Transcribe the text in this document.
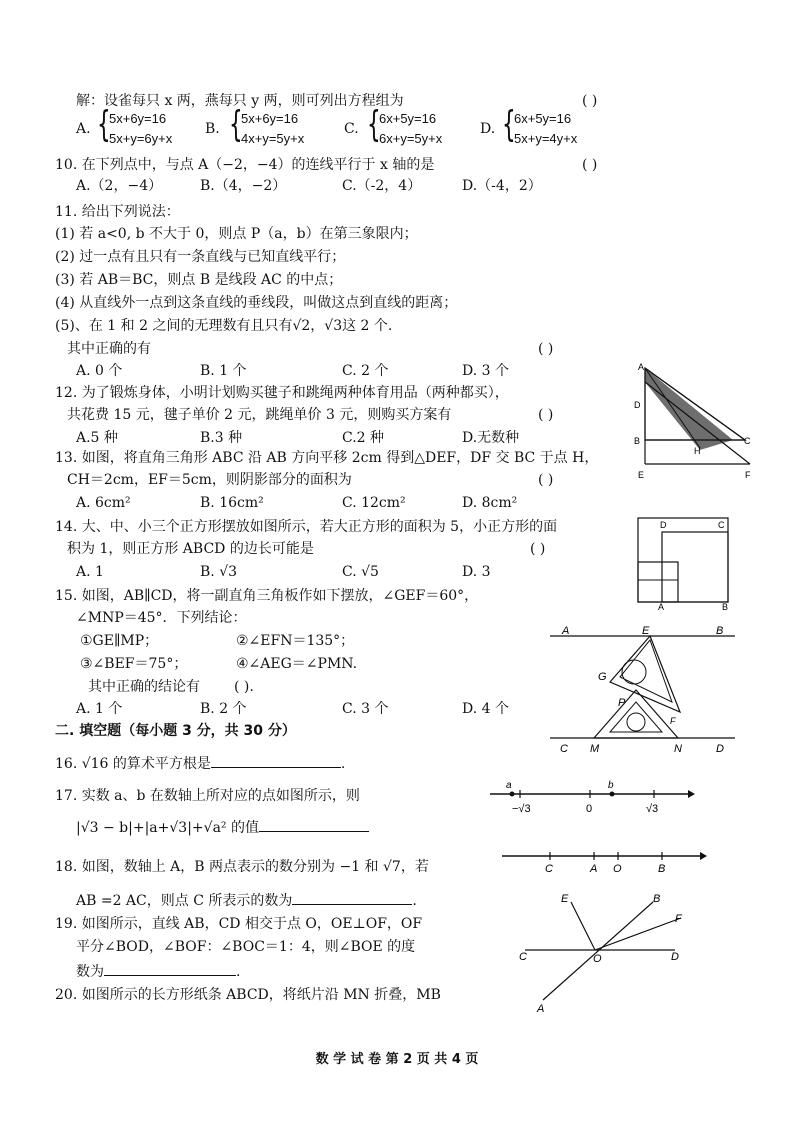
解：设雀每只 x 两，燕每只 y 两，则可列出方程组为	( )
A. {
5x+6y=16
5x+y=6y+x
B. {
5x+6y=16
4x+y=5y+x
C. {
6x+5y=16
6x+y=5y+x
D. {
6x+5y=16
5x+y=4y+x
10. 在下列点中，与点 A（−2，−4）的连线平行于 x 轴的是	( )
A.（2，−4）	B.（4，−2）	C.（-2，4）	D.（-4，2）
11. 给出下列说法：
(1) 若 a<0, b 不大于 0，则点 P（a，b）在第三象限内；
(2) 过一点有且只有一条直线与已知直线平行；
(3) 若 AB＝BC，则点 B 是线段 AC 的中点；
(4) 从直线外一点到这条直线的垂线段，叫做这点到直线的距离；
(5)、在 1 和 2 之间的无理数有且只有√2，√3这 2 个.
其中正确的有	( )
A. 0 个	B. 1 个	C. 2 个	D. 3 个
12. 为了锻炼身体，小明计划购买毽子和跳绳两种体育用品（两种都买），
共花费 15 元，毽子单价 2 元，跳绳单价 3 元，则购买方案有	( )
A.5 种	B.3 种	C.2 种	D.无数种
A
D
B
E
H
C
F
13. 如图，将直角三角形 ABC 沿 AB 方向平移 2cm 得到△DEF，DF 交 BC 于点 H，
CH＝2cm，EF＝5cm，则阴影部分的面积为	( )
A. 6cm²	B. 16cm²	C. 12cm²	D. 8cm²
14. 大、中、小三个正方形摆放如图所示，若大正方形的面积为 5，小正方形的面
积为 1，则正方形 ABCD 的边长可能是	( )
A. 1	B. √3	C. √5	D. 3
D	C
A	B
15. 如图，AB∥CD，将一副直角三角板作如下摆放，∠GEF＝60°，
∠MNP＝45°．下列结论：
①GE∥MP；	②∠EFN＝135°；
③∠BEF＝75°；	④∠AEG＝∠PMN.
其中正确的结论有 ( ).
A. 1 个	B. 2 个	C. 3 个	D. 4 个
A	E	B
G
P
F
C M	N	D
二. 填空题（每小题 3 分，共 30 分）
16. √16 的算术平方根是	.
17. 实数 a、b 在数轴上所对应的点如图所示，则
|√3 − b|+|a+√3|+√a² 的值
a
−√3	0
b
√3
18. 如图，数轴上 A，B 两点表示的数分别为 −1 和 √7，若
AB =2 AC，则点 C 所表示的数为	.
C	A O	B
19. 如图所示，直线 AB，CD 相交于点 O，OE⊥OF，OF
平分∠BOD，∠BOF：∠BOC＝1：4，则∠BOE 的度
数为	.
E	B
F
C	O	D
A
20. 如图所示的长方形纸条 ABCD，将纸片沿 MN 折叠，MB
数 学 试 卷 第 2 页 共 4 页
